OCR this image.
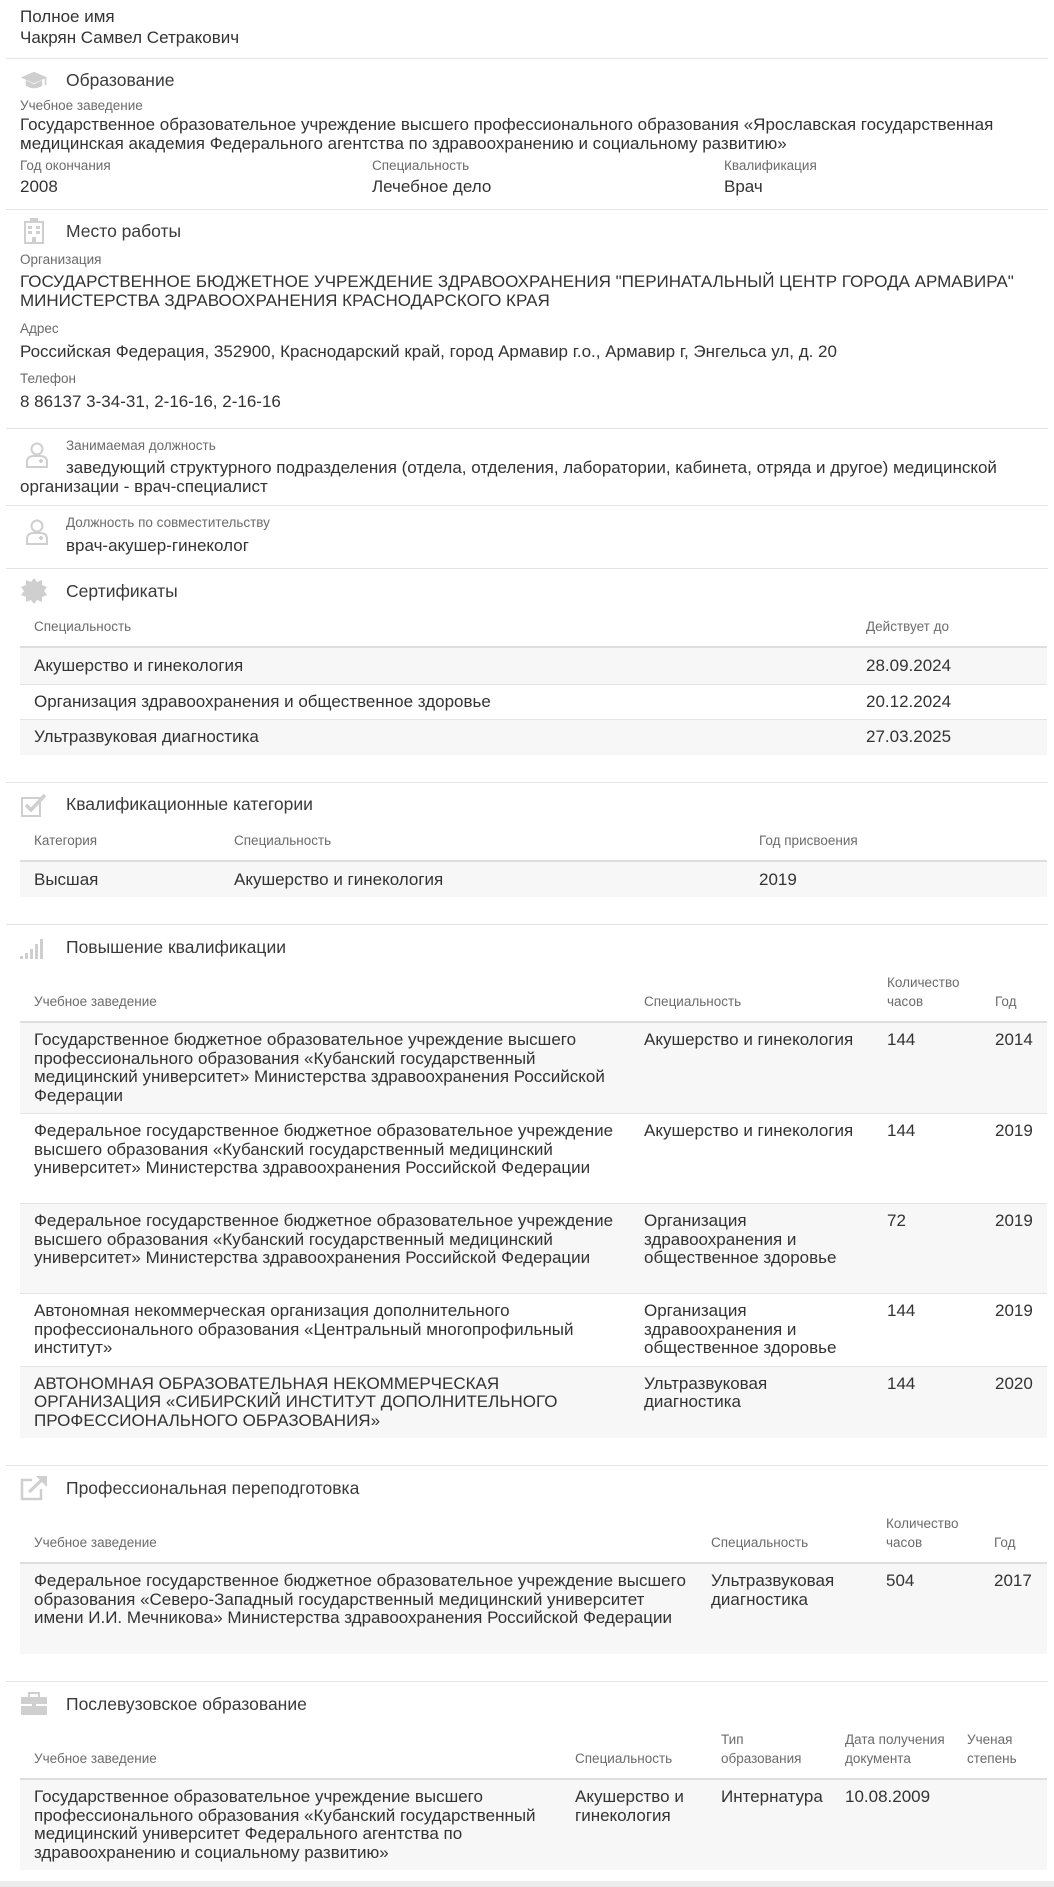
Полное имя
Чакрян Самвел Сетракович
Образование
Учебное заведение
Государственное образовательное учреждение высшего профессионального образования «Ярославская государственная медицинская академия Федерального агентства по здравоохранению и социальному развитию»
Год окончания
2008
Специальность
Лечебное дело
Квалификация
Врач
Место работы
Организация
ГОСУДАРСТВЕННОЕ БЮДЖЕТНОЕ УЧРЕЖДЕНИЕ ЗДРАВООХРАНЕНИЯ "ПЕРИНАТАЛЬНЫЙ ЦЕНТР ГОРОДА АРМАВИРА" МИНИСТЕРСТВА ЗДРАВООХРАНЕНИЯ КРАСНОДАРСКОГО КРАЯ
Адрес
Российская Федерация, 352900, Краснодарский край, город Армавир г.о., Армавир г, Энгельса ул, д. 20
Телефон
8 86137 3-34-31, 2-16-16, 2-16-16
Занимаемая должность
заведующий структурного подразделения (отдела, отделения, лаборатории, кабинета, отряда и другое) медицинской организации - врач-специалист
Должность по совместительству
врач-акушер-гинеколог
Сертификаты
Специальность	Действует до
Акушерство и гинекология	28.09.2024
Организация здравоохранения и общественное здоровье	20.12.2024
Ультразвуковая диагностика	27.03.2025
Квалификационные категории
Категория	Специальность	Год присвоения
Высшая	Акушерство и гинекология	2019
Повышение квалификации
Учебное заведение	Специальность	Количество часов	Год
Государственное бюджетное образовательное учреждение высшего профессионального образования «Кубанский государственный медицинский университет» Министерства здравоохранения Российской Федерации	Акушерство и гинекология	144	2014
Федеральное государственное бюджетное образовательное учреждение высшего образования «Кубанский государственный медицинский университет» Министерства здравоохранения Российской Федерации	Акушерство и гинекология	144	2019
Федеральное государственное бюджетное образовательное учреждение высшего образования «Кубанский государственный медицинский университет» Министерства здравоохранения Российской Федерации	Организация здравоохранения и общественное здоровье	72	2019
Автономная некоммерческая организация дополнительного профессионального образования «Центральный многопрофильный институт»	Организация здравоохранения и общественное здоровье	144	2019
АВТОНОМНАЯ ОБРАЗОВАТЕЛЬНАЯ НЕКОММЕРЧЕСКАЯ ОРГАНИЗАЦИЯ «СИБИРСКИЙ ИНСТИТУТ ДОПОЛНИТЕЛЬНОГО ПРОФЕССИОНАЛЬНОГО ОБРАЗОВАНИЯ»	Ультразвуковая диагностика	144	2020
Профессиональная переподготовка
Учебное заведение	Специальность	Количество часов	Год
Федеральное государственное бюджетное образовательное учреждение высшего образования «Северо-Западный государственный медицинский университет имени И.И. Мечникова» Министерства здравоохранения Российской Федерации	Ультразвуковая диагностика	504	2017
Послевузовское образование
Учебное заведение	Специальность	Тип образования	Дата получения документа	Ученая степень
Государственное образовательное учреждение высшего профессионального образования «Кубанский государственный медицинский университет Федерального агентства по здравоохранению и социальному развитию»	Акушерство и гинекология	Интернатура	10.08.2009	
